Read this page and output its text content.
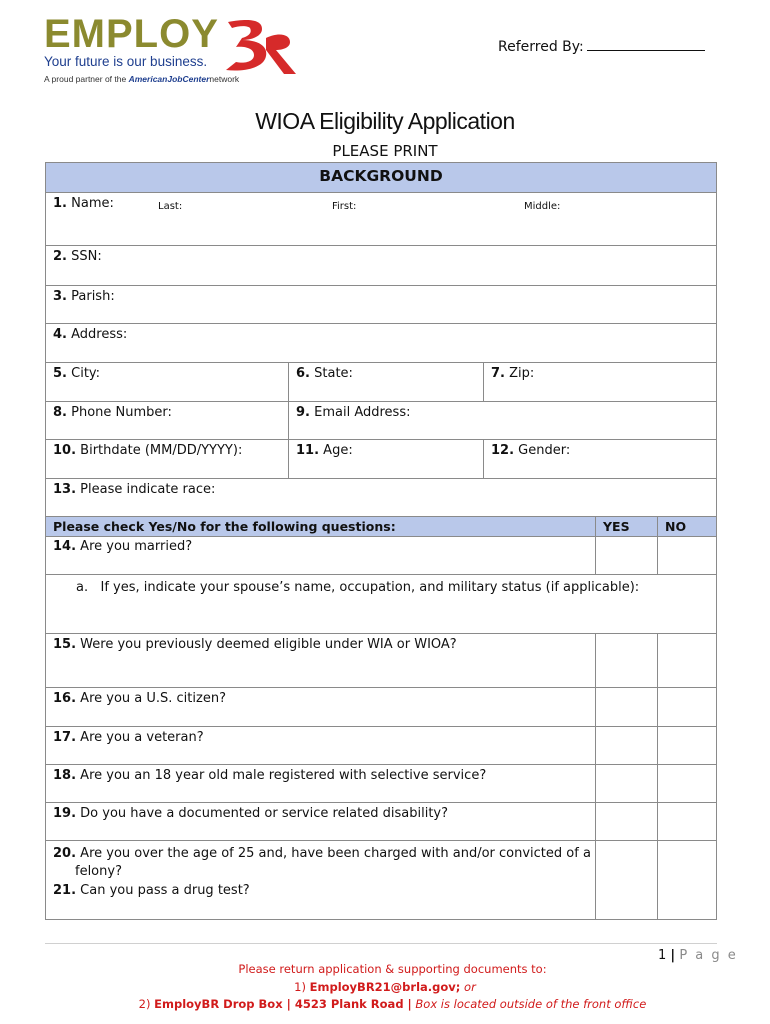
EMPLOY
Your future is our business.
A proud partner of the AmericanJobCenternetwork
Referred By:
WIOA Eligibility Application
PLEASE PRINT
BACKGROUND
1. Name:	Last:	First:	Middle:
2. SSN:
3. Parish:
4. Address:
5. City:	6. State:	7. Zip:
8. Phone Number:	9. Email Address:
10. Birthdate (MM/DD/YYYY):	11. Age:	12. Gender:
13. Please indicate race:
Please check Yes/No for the following questions:	YES	NO
14. Are you married?
a. If yes, indicate your spouse’s name, occupation, and military status (if applicable):
15. Were you previously deemed eligible under WIA or WIOA?
16. Are you a U.S. citizen?
17. Are you a veteran?
18. Are you an 18 year old male registered with selective service?
19. Do you have a documented or service related disability?
20. Are you over the age of 25 and, have been charged with and/or convicted of a
felony?
21. Can you pass a drug test?
1 | P a g e
Please return application & supporting documents to:
1) EmployBR21@brla.gov; or
2) EmployBR Drop Box | 4523 Plank Road | Box is located outside of the front office
